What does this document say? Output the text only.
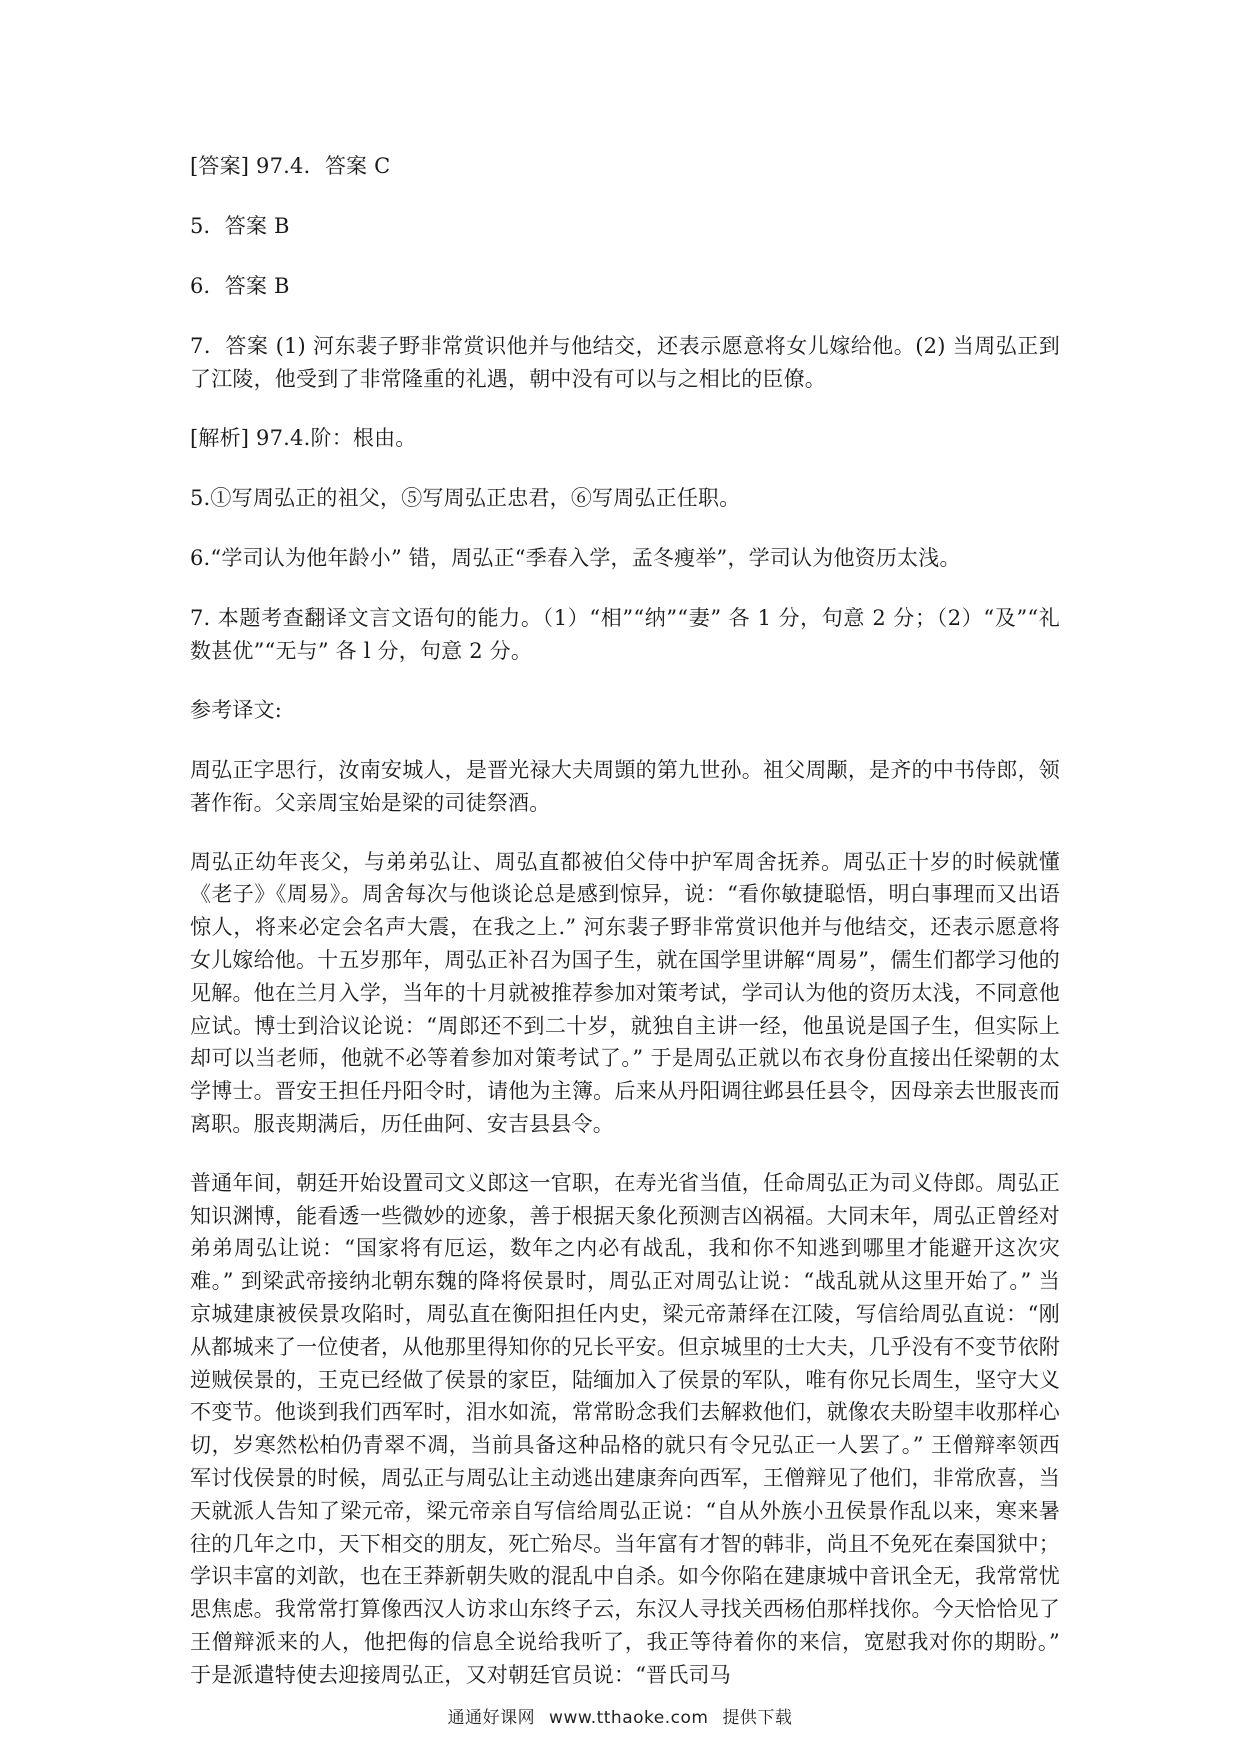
[答案] 97.4．答案 C

5．答案 B

6．答案 B

7．答案 (1) 河东裴子野非常赏识他并与他结交，还表示愿意将女儿嫁给他。(2) 当周弘正到了江陵，他受到了非常隆重的礼遇，朝中没有可以与之相比的臣僚。

[解析] 97.4.阶：根由。

5.①写周弘正的祖父，⑤写周弘正忠君，⑥写周弘正任职。

6.“学司认为他年龄小” 错，周弘正“季春入学，孟冬瘦举”，学司认为他资历太浅。

7. 本题考查翻译文言文语句的能力。（1）“相”“纳”“妻” 各 1 分，句意 2 分；（2）“及”“礼数甚优”“无与” 各 l 分，句意 2 分。

参考译文:

周弘正字思行，汝南安城人，是晋光禄大夫周顗的第九世孙。祖父周颙，是齐的中书侍郎，领著作衔。父亲周宝始是梁的司徒祭酒。

周弘正幼年丧父，与弟弟弘让、周弘直都被伯父侍中护军周舍抚养。周弘正十岁的时候就懂《老子》《周易》。周舍每次与他谈论总是感到惊异，说：“看你敏捷聪悟，明白事理而又出语惊人，将来必定会名声大震，在我之上.” 河东裴子野非常赏识他并与他结交，还表示愿意将女儿嫁给他。十五岁那年，周弘正补召为国子生，就在国学里讲解“周易”，儒生们都学习他的见解。他在兰月入学，当年的十月就被推荐参加对策考试，学司认为他的资历太浅，不同意他应试。博士到洽议论说：“周郎还不到二十岁，就独自主讲一经，他虽说是国子生，但实际上却可以当老师，他就不必等着参加对策考试了。” 于是周弘正就以布衣身份直接出任梁朝的太学博士。晋安王担任丹阳令时，请他为主簿。后来从丹阳调往邺县任县令，因母亲去世服丧而离职。服丧期满后，历任曲阿、安吉县县令。

普通年间，朝廷开始设置司文义郎这一官职，在寿光省当值，任命周弘正为司义侍郎。周弘正知识渊博，能看透一些微妙的迹象，善于根据天象化预测吉凶祸福。大同末年，周弘正曾经对弟弟周弘让说：“国家将有厄运，数年之内必有战乱，我和你不知逃到哪里才能避开这次灾难。” 到梁武帝接纳北朝东魏的降将侯景时，周弘正对周弘让说：“战乱就从这里开始了。” 当京城建康被侯景攻陷时，周弘直在衡阳担任内史，梁元帝萧绎在江陵，写信给周弘直说：“刚从都城来了一位使者，从他那里得知你的兄长平安。但京城里的士大夫，几乎没有不变节依附逆贼侯景的，王克已经做了侯景的家臣，陆缅加入了侯景的军队，唯有你兄长周生，坚守大义不变节。他谈到我们西军时，泪水如流，常常盼念我们去解救他们，就像农夫盼望丰收那样心切，岁寒然松柏仍青翠不凋，当前具备这种品格的就只有令兄弘正一人罢了。” 王僧辩率领西军讨伐侯景的时候，周弘正与周弘让主动逃出建康奔向西军，王僧辩见了他们，非常欣喜，当天就派人告知了梁元帝，梁元帝亲自写信给周弘正说：“自从外族小丑侯景作乱以来，寒来暑往的几年之巾，天下相交的朋友，死亡殆尽。当年富有才智的韩非，尚且不免死在秦国狱中；学识丰富的刘歆，也在王莽新朝失败的混乱中自杀。如今你陷在建康城中音讯全无，我常常忧思焦虑。我常常打算像西汉人访求山东终子云，东汉人寻找关西杨伯那样找你。今天恰恰见了王僧辩派来的人，他把侮的信息全说给我听了，我正等待着你的来信，宽慰我对你的期盼。” 于是派遣特使去迎接周弘正，又对朝廷官员说：“晋氏司马

通通好课网 www.tthaoke.com 提供下载
